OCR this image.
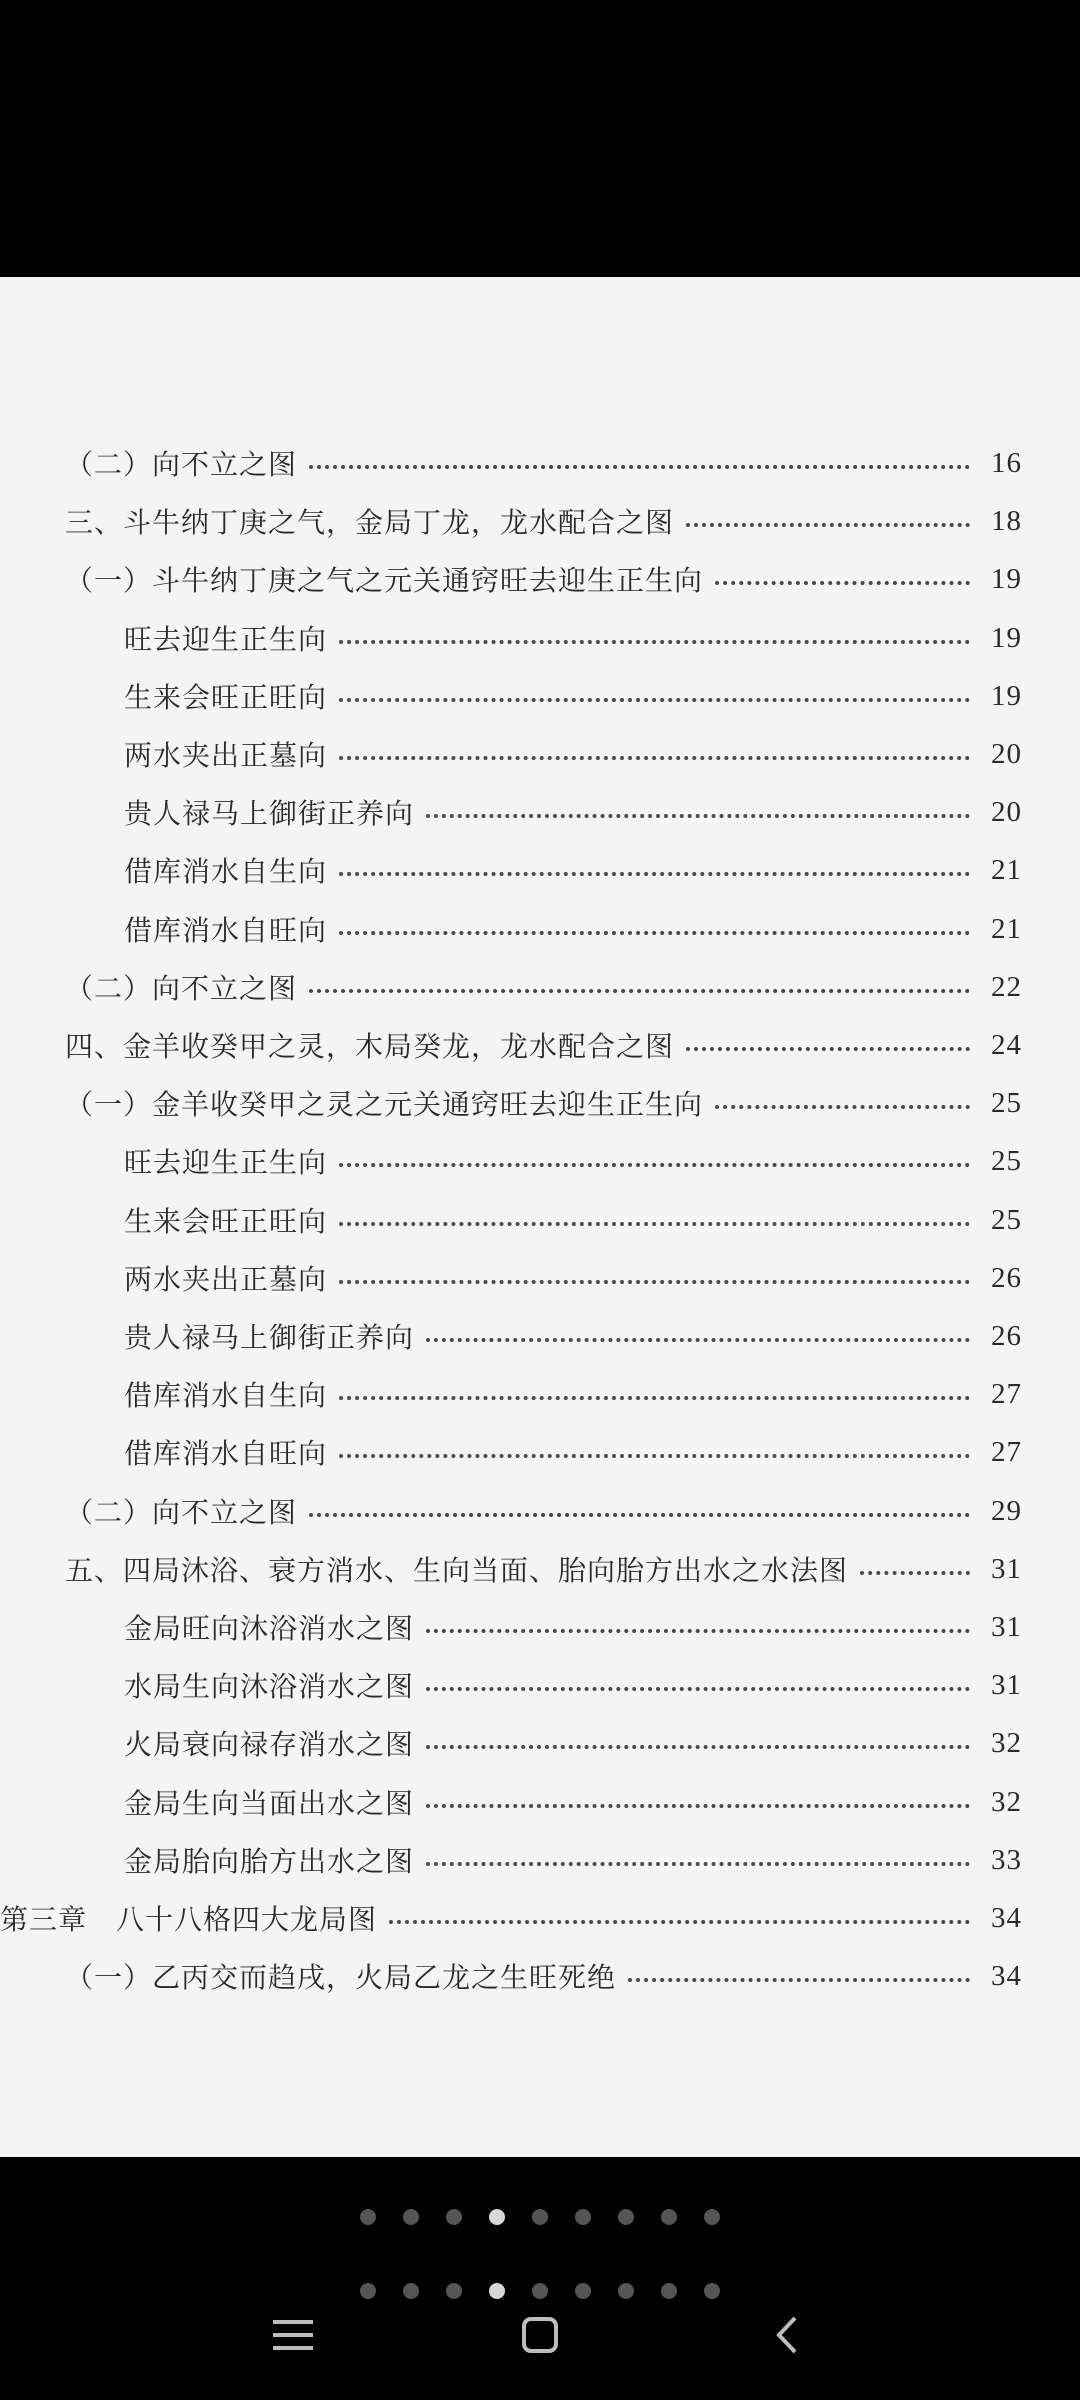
（二）向不立之图	16
三、斗牛纳丁庚之气，金局丁龙，龙水配合之图	18
（一）斗牛纳丁庚之气之元关通窍旺去迎生正生向	19
旺去迎生正生向	19
生来会旺正旺向	19
两水夹出正墓向	20
贵人禄马上御街正养向	20
借库消水自生向	21
借库消水自旺向	21
（二）向不立之图	22
四、金羊收癸甲之灵，木局癸龙，龙水配合之图	24
（一）金羊收癸甲之灵之元关通窍旺去迎生正生向	25
旺去迎生正生向	25
生来会旺正旺向	25
两水夹出正墓向	26
贵人禄马上御街正养向	26
借库消水自生向	27
借库消水自旺向	27
（二）向不立之图	29
五、四局沐浴、衰方消水、生向当面、胎向胎方出水之水法图	31
金局旺向沐浴消水之图	31
水局生向沐浴消水之图	31
火局衰向禄存消水之图	32
金局生向当面出水之图	32
金局胎向胎方出水之图	33
第三章　八十八格四大龙局图	34
（一）乙丙交而趋戌，火局乙龙之生旺死绝	34
